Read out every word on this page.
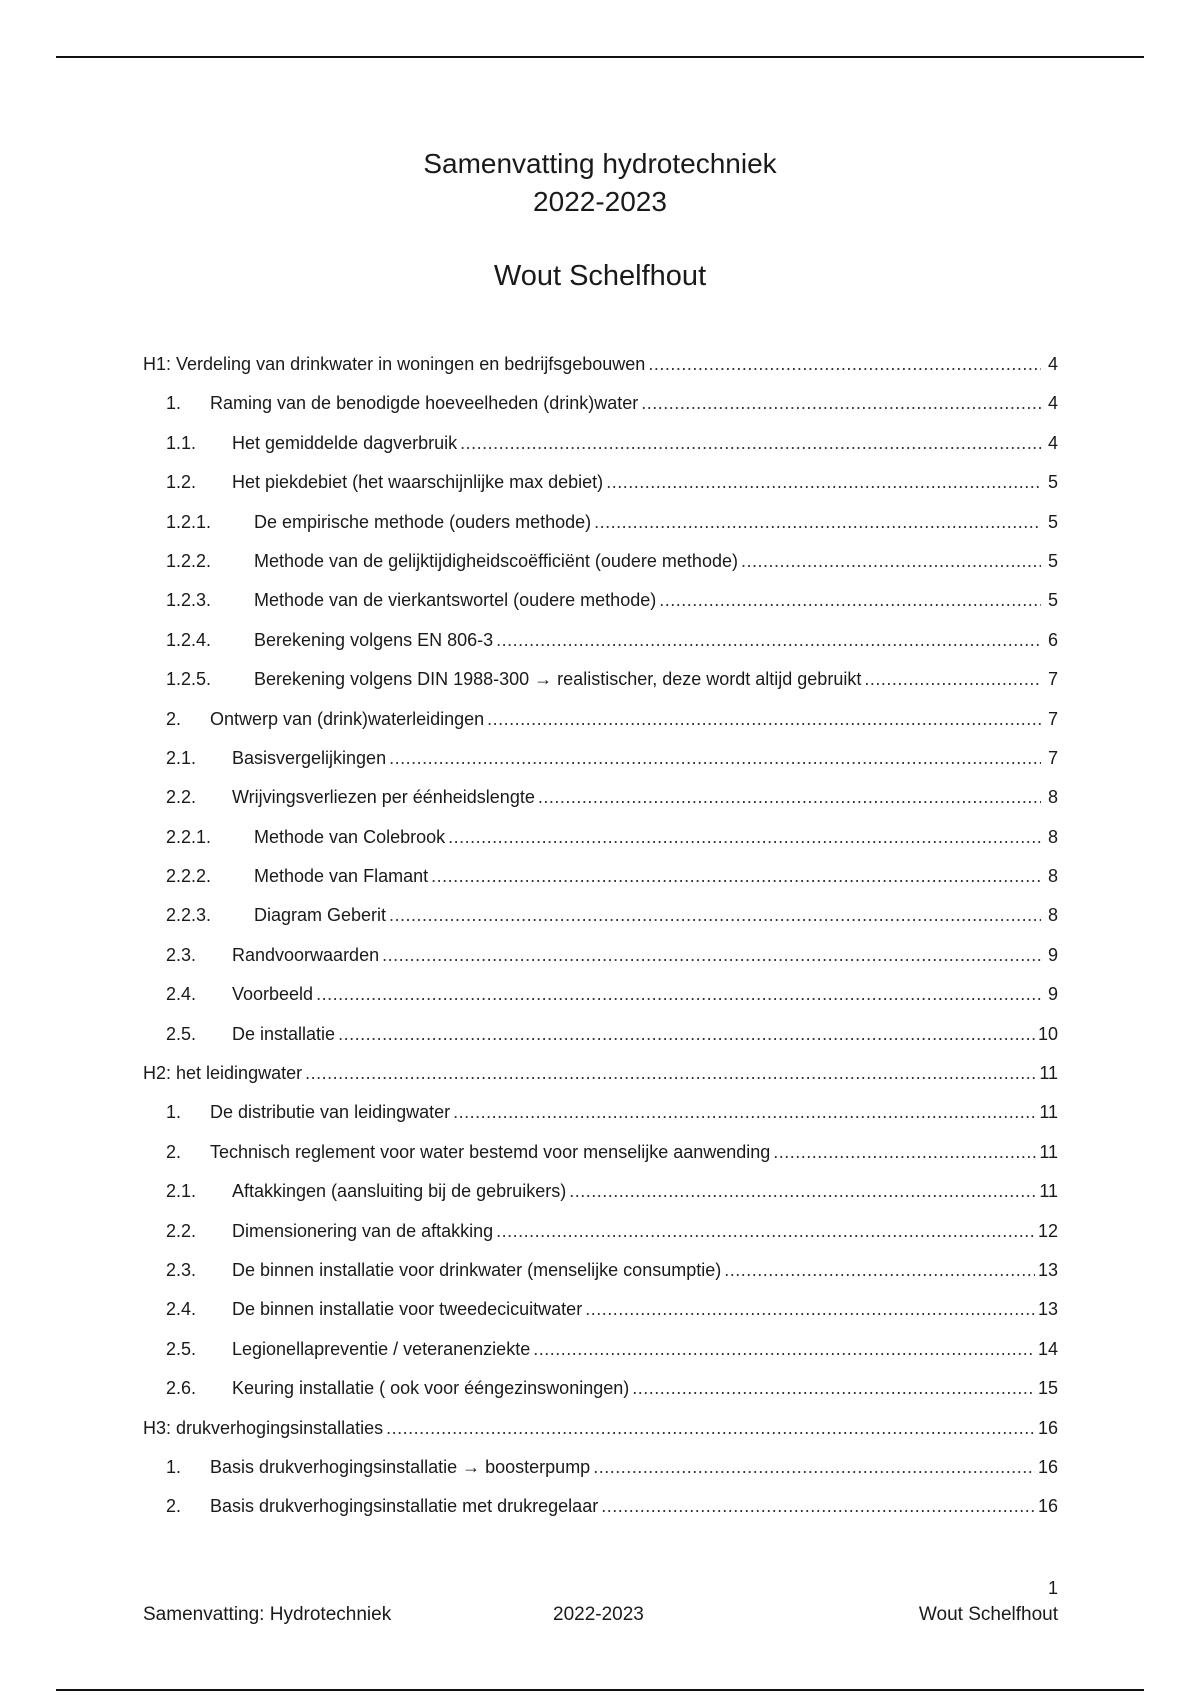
Samenvatting hydrotechniek
2022-2023
Wout Schelfhout
H1: Verdeling van drinkwater in woningen en bedrijfsgebouwen .....	4
1.	Raming van de benodigde hoeveelheden (drink)water .....	4
1.1.	Het gemiddelde dagverbruik .....	4
1.2.	Het piekdebiet (het waarschijnlijke max debiet) .....	5
1.2.1.	De empirische methode (ouders methode) .....	5
1.2.2.	Methode van de gelijktijdigheidscoëfficiënt (oudere methode) .....	5
1.2.3.	Methode van de vierkantswortel (oudere methode) .....	5
1.2.4.	Berekening volgens EN 806-3 .....	6
1.2.5.	Berekening volgens DIN 1988-300 → realistischer, deze wordt altijd gebruikt .....	7
2.	Ontwerp van (drink)waterleidingen .....	7
2.1.	Basisvergelijkingen .....	7
2.2.	Wrijvingsverliezen per éénheidslengte .....	8
2.2.1.	Methode van Colebrook .....	8
2.2.2.	Methode van Flamant .....	8
2.2.3.	Diagram Geberit .....	8
2.3.	Randvoorwaarden .....	9
2.4.	Voorbeeld .....	9
2.5.	De installatie .....	10
H2: het leidingwater .....	11
1.	De distributie van leidingwater .....	11
2.	Technisch reglement voor water bestemd voor menselijke aanwending .....	11
2.1.	Aftakkingen (aansluiting bij de gebruikers) .....	11
2.2.	Dimensionering van de aftakking .....	12
2.3.	De binnen installatie voor drinkwater (menselijke consumptie) .....	13
2.4.	De binnen installatie voor tweedecicuitwater .....	13
2.5.	Legionellapreventie / veteranenziekte .....	14
2.6.	Keuring installatie ( ook voor ééngezinswoningen) .....	15
H3: drukverhogingsinstallaties .....	16
1.	Basis drukverhogingsinstallatie → boosterpump .....	16
2.	Basis drukverhogingsinstallatie met drukregelaar .....	16
1
Samenvatting: Hydrotechniek	2022-2023	Wout Schelfhout
